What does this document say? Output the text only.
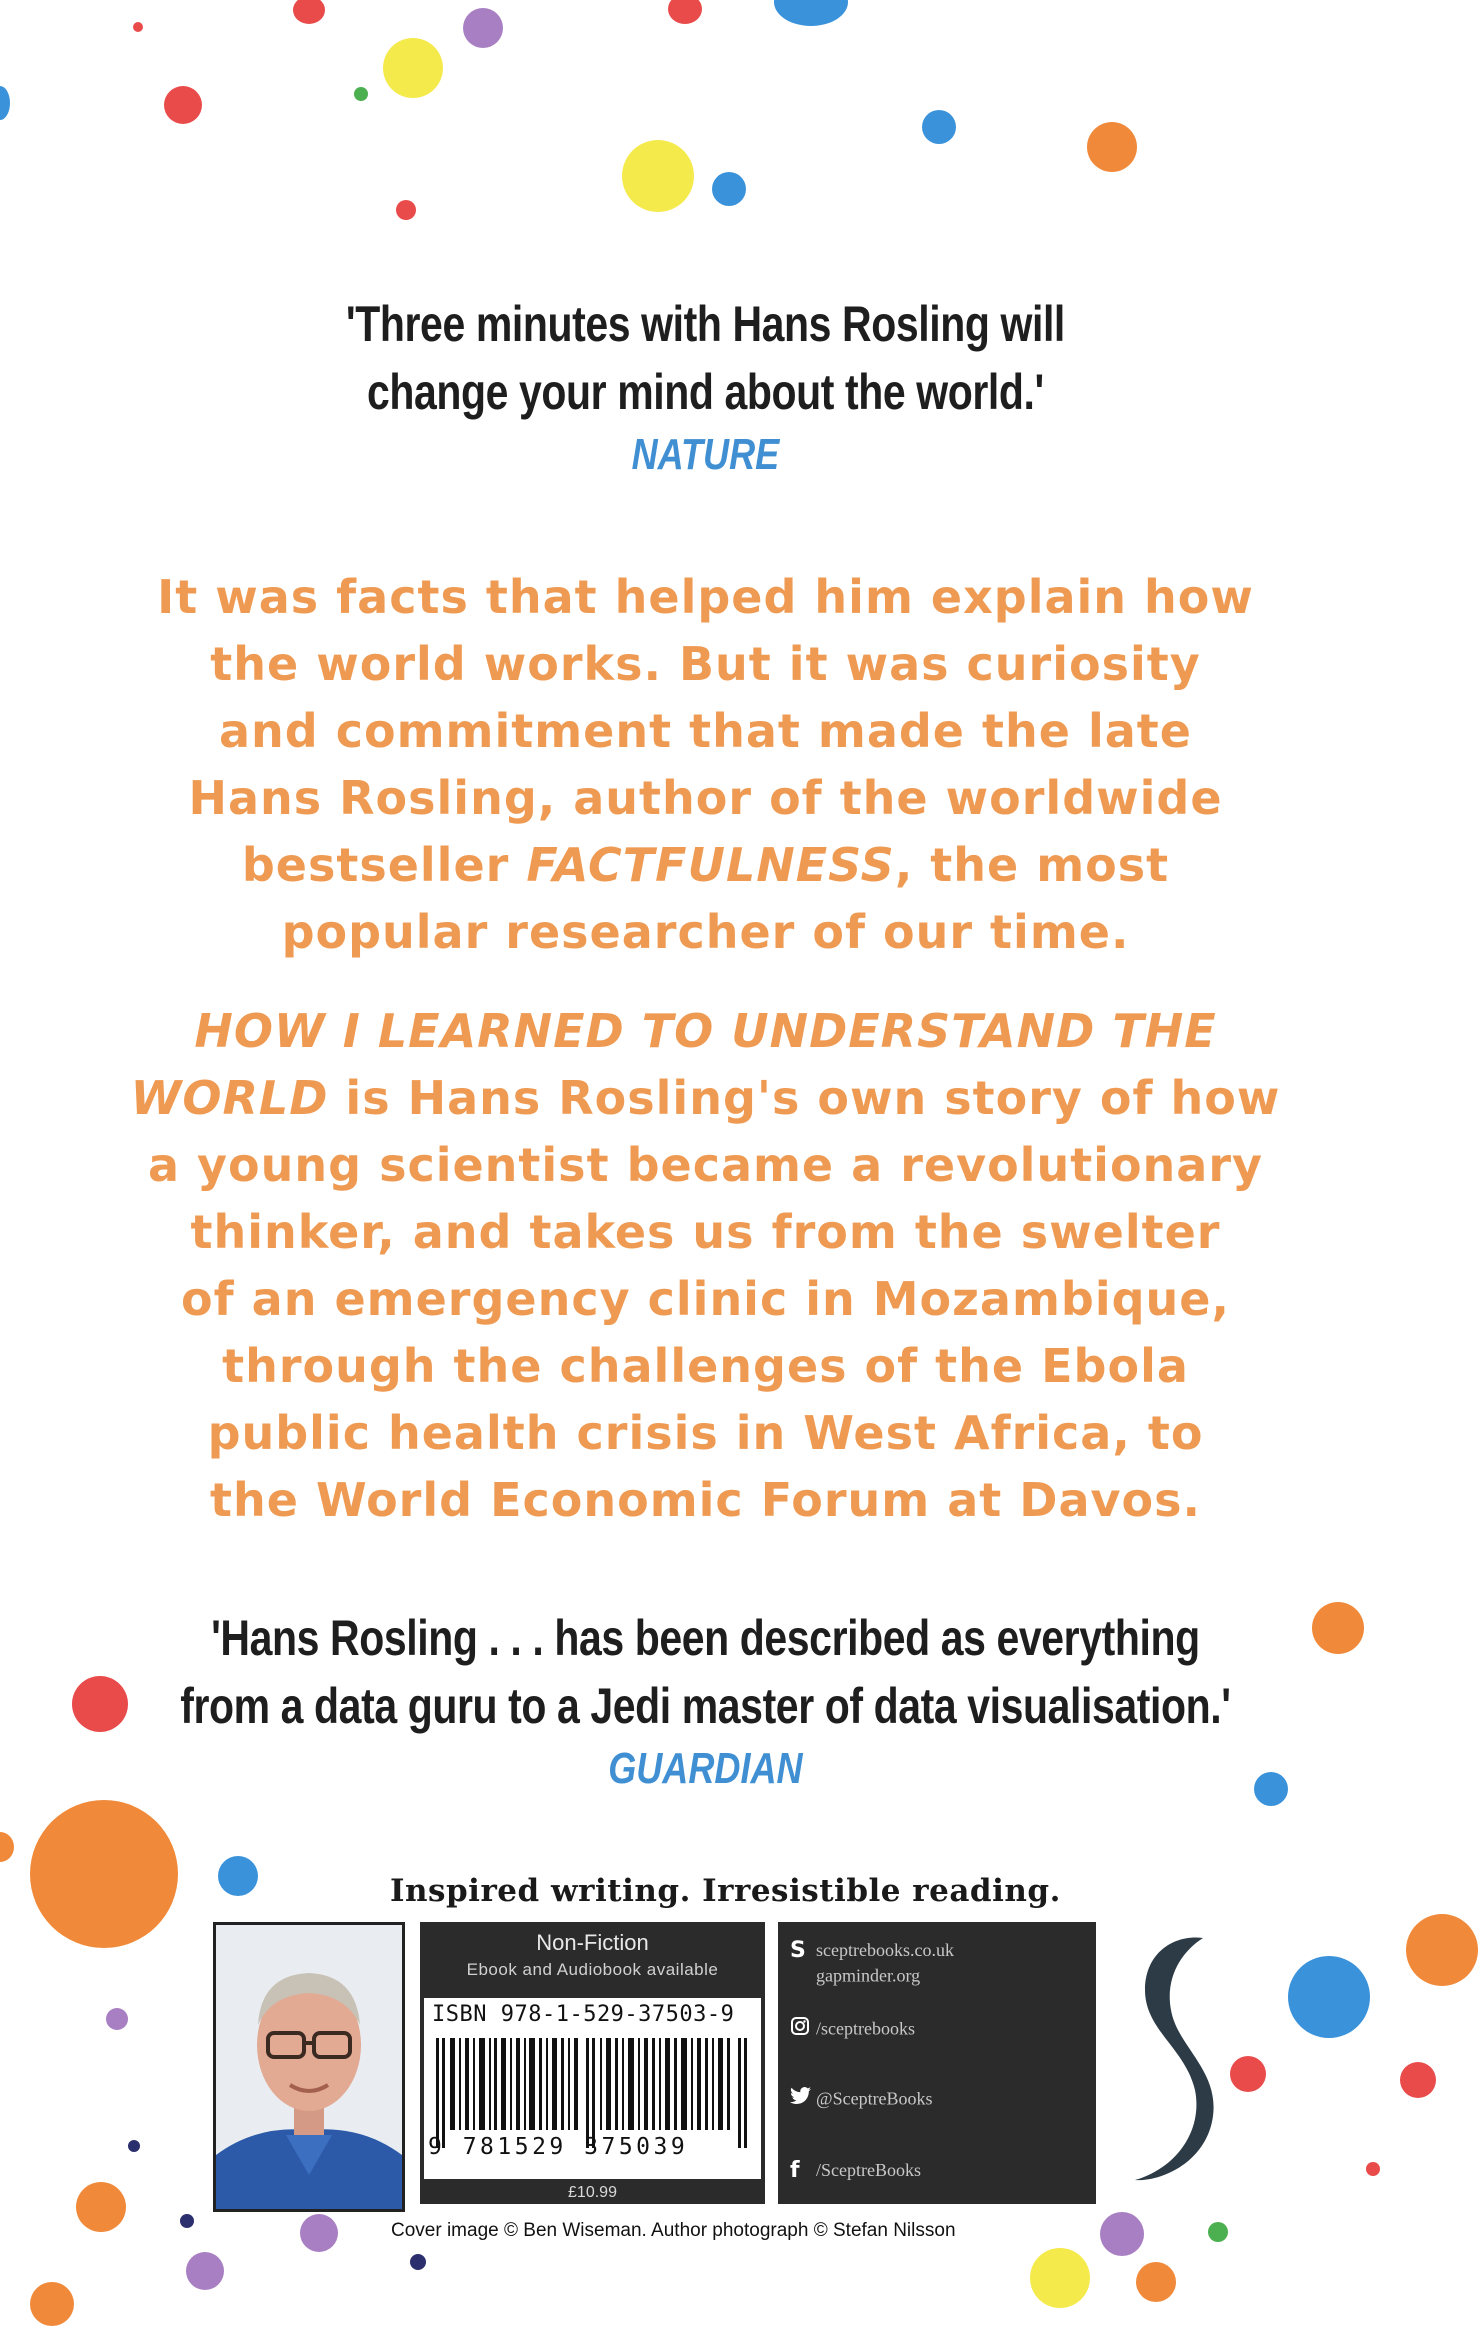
'Three minutes with Hans Rosling will
change your mind about the world.'
NATURE
It was facts that helped him explain how
the world works. But it was curiosity
and commitment that made the late
Hans Rosling, author of the worldwide
bestseller FACTFULNESS, the most
popular researcher of our time.
HOW I LEARNED TO UNDERSTAND THE
WORLD is Hans Rosling's own story of how
a young scientist became a revolutionary
thinker, and takes us from the swelter
of an emergency clinic in Mozambique,
through the challenges of the Ebola
public health crisis in West Africa, to
the World Economic Forum at Davos.
'Hans Rosling . . . has been described as everything
from a data guru to a Jedi master of data visualisation.'
GUARDIAN
Inspired writing. Irresistible reading.
Non-Fiction
Ebook and Audiobook available
ISBN 978-1-529-37503-9
9 781529 375039
£10.99
S sceptrebooks.co.uk
gapminder.org
/sceptrebooks
@SceptreBooks
f /SceptreBooks
Cover image © Ben Wiseman. Author photograph © Stefan Nilsson
